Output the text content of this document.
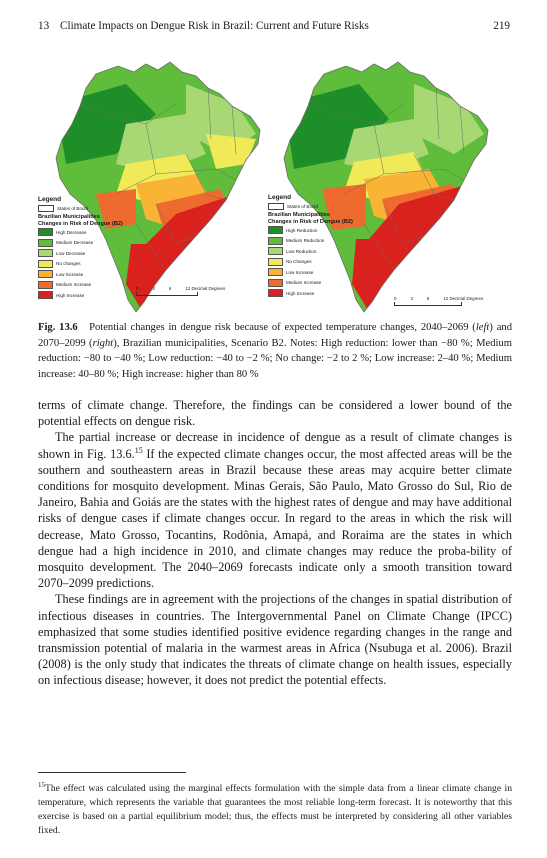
13 Climate Impacts on Dengue Risk in Brazil: Current and Future Risks	219
Legend
States of Brazil
Brazilian Municipalities
Changes in Risk of Dengue (B2)
High Decrease
Medium Decrease
Low Decrease
No changes
Low Increase
Medium Increase
High Increase
0	3	6	12 Decimal Degrees
Legend
States of Brazil
Brazilian Municipalities
Changes in Risk of Dengue (B2)
High Reduction
Medium Reduction
Low Reduction
No Changes
Low Increase
Medium Increase
High Increase
0	3	6	12 Decimal Degrees
Fig. 13.6 Potential changes in dengue risk because of expected temperature changes, 2040–2069 (left) and 2070–2099 (right), Brazilian municipalities, Scenario B2. Notes: High reduction: lower than −80 %; Medium reduction: −80 to −40 %; Low reduction: −40 to −2 %; No change: −2 to 2 %; Low increase: 2–40 %; Medium increase: 40–80 %; High increase: higher than 80 %

terms of climate change. Therefore, the findings can be considered a lower bound of the potential effects on dengue risk.

The partial increase or decrease in incidence of dengue as a result of climate changes is shown in Fig. 13.6.15 If the expected climate changes occur, the most affected areas will be the southern and southeastern areas in Brazil because these areas may acquire better climate conditions for mosquito development. Minas Gerais, São Paulo, Mato Grosso do Sul, Rio de Janeiro, Bahia and Goiás are the states with the highest rates of dengue and may have additional risks of dengue cases if climate changes occur. In regard to the areas in which the risk will decrease, Mato Grosso, Tocantins, Rodônia, Amapá, and Roraima are the states in which dengue had a high incidence in 2010, and climate changes may reduce the proba-bility of mosquito development. The 2040–2069 forecasts indicate only a smooth transition toward 2070–2099 predictions.

These findings are in agreement with the projections of the changes in spatial distribution of infectious diseases in countries. The Intergovernmental Panel on Climate Change (IPCC) emphasized that some studies identified positive evidence regarding changes in the range and transmission potential of malaria in the warmest areas in Africa (Nsubuga et al. 2006). Brazil (2008) is the only study that indicates the threats of climate change on health issues, especially on infectious disease; however, it does not predict the potential effects.

$^{15}$The effect was calculated using the marginal effects formulation with the simple data from a linear climate change in temperature, which represents the variable that guarantees the most reliable long-term forecast. It is noteworthy that this exercise is based on a partial equilibrium model; thus, the effects must be interpreted by considering all other variables fixed.
